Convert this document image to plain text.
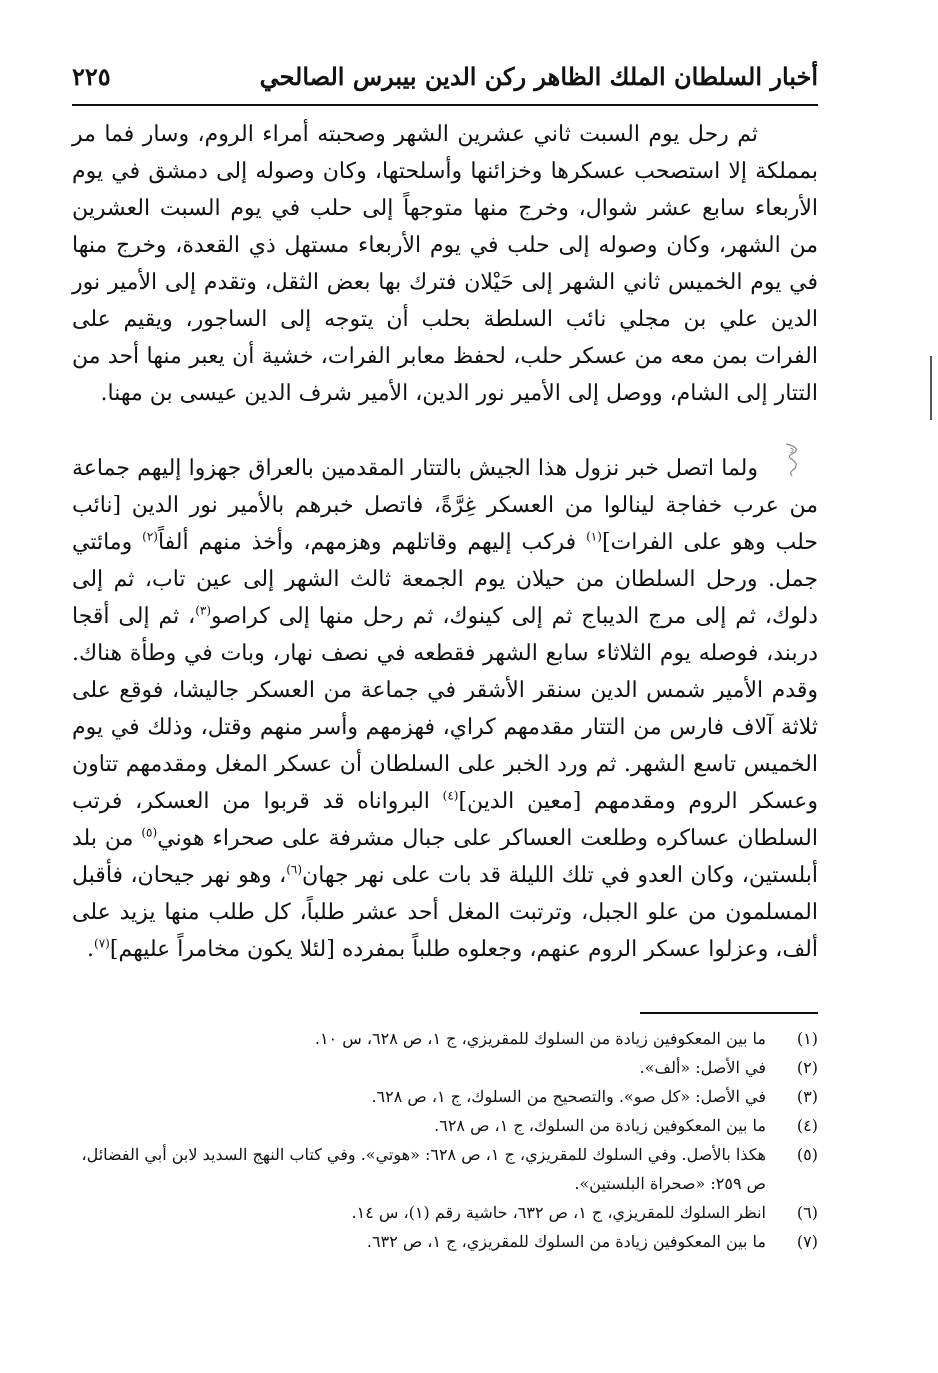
أخبار السلطان الملك الظاهر ركن الدين بيبرس الصالحي
٢٢٥

ثم رحل يوم السبت ثاني عشرين الشهر وصحبته أمراء الروم، وسار فما مر بمملكة إلا استصحب عسكرها وخزائنها وأسلحتها، وكان وصوله إلى دمشق في يوم الأربعاء سابع عشر شوال، وخرج منها متوجهاً إلى حلب في يوم السبت العشرين من الشهر، وكان وصوله إلى حلب في يوم الأربعاء مستهل ذي القعدة، وخرج منها في يوم الخميس ثاني الشهر إلى حَيْلان فترك بها بعض الثقل، وتقدم إلى الأمير نور الدين علي بن مجلي نائب السلطة بحلب أن يتوجه إلى الساجور، ويقيم على الفرات بمن معه من عسكر حلب، لحفظ معابر الفرات، خشية أن يعبر منها أحد من التتار إلى الشام، ووصل إلى الأمير نور الدين، الأمير شرف الدين عيسى بن مهنا.

ولما اتصل خبر نزول هذا الجيش بالتتار المقدمين بالعراق جهزوا إليهم جماعة من عرب خفاجة لينالوا من العسكر غِرَّةً، فاتصل خبرهم بالأمير نور الدين [نائب حلب وهو على الفرات]$^{(١)}$ فركب إليهم وقاتلهم وهزمهم، وأخذ منهم ألفاً$^{(٢)}$ ومائتي جمل. ورحل السلطان من حيلان يوم الجمعة ثالث الشهر إلى عين تاب، ثم إلى دلوك، ثم إلى مرج الديباج ثم إلى كينوك، ثم رحل منها إلى كراصو$^{(٣)}$، ثم إلى أقجا دربند، فوصله يوم الثلاثاء سابع الشهر فقطعه في نصف نهار، وبات في وطأة هناك. وقدم الأمير شمس الدين سنقر الأشقر في جماعة من العسكر جاليشا، فوقع على ثلاثة آلاف فارس من التتار مقدمهم كراي، فهزمهم وأسر منهم وقتل، وذلك في يوم الخميس تاسع الشهر. ثم ورد الخبر على السلطان أن عسكر المغل ومقدمهم تتاون وعسكر الروم ومقدمهم [معين الدين]$^{(٤)}$ البرواناه قد قربوا من العسكر، فرتب السلطان عساكره وطلعت العساكر على جبال مشرفة على صحراء هوني$^{(٥)}$ من بلد أبلستين، وكان العدو في تلك الليلة قد بات على نهر جهان$^{(٦)}$، وهو نهر جيحان، فأقبل المسلمون من علو الجبل، وترتبت المغل أحد عشر طلباً، كل طلب منها يزيد على ألف، وعزلوا عسكر الروم عنهم، وجعلوه طلباً بمفرده [لئلا يكون مخامراً عليهم]$^{(٧)}$.

(١)
ما بين المعكوفين زيادة من السلوك للمقريزي، ج ١، ص ٦٢٨، س ١٠.
(٢)
في الأصل: «ألف».
(٣)
في الأصل: «كل صو». والتصحيح من السلوك، ج ١، ص ٦٢٨.
(٤)
ما بين المعكوفين زيادة من السلوك، ج ١، ص ٦٢٨.
(٥)
هكذا بالأصل. وفي السلوك للمقريزي، ج ١، ص ٦٢٨: «هوتي». وفي كتاب النهج السديد لابن أبي الفضائل، ص ٢٥٩: «صحراة البلستين».
(٦)
انظر السلوك للمقريزي، ج ١، ص ٦٣٢، حاشية رقم (١)، س ١٤.
(٧)
ما بين المعكوفين زيادة من السلوك للمقريزي، ج ١، ص ٦٣٢.
